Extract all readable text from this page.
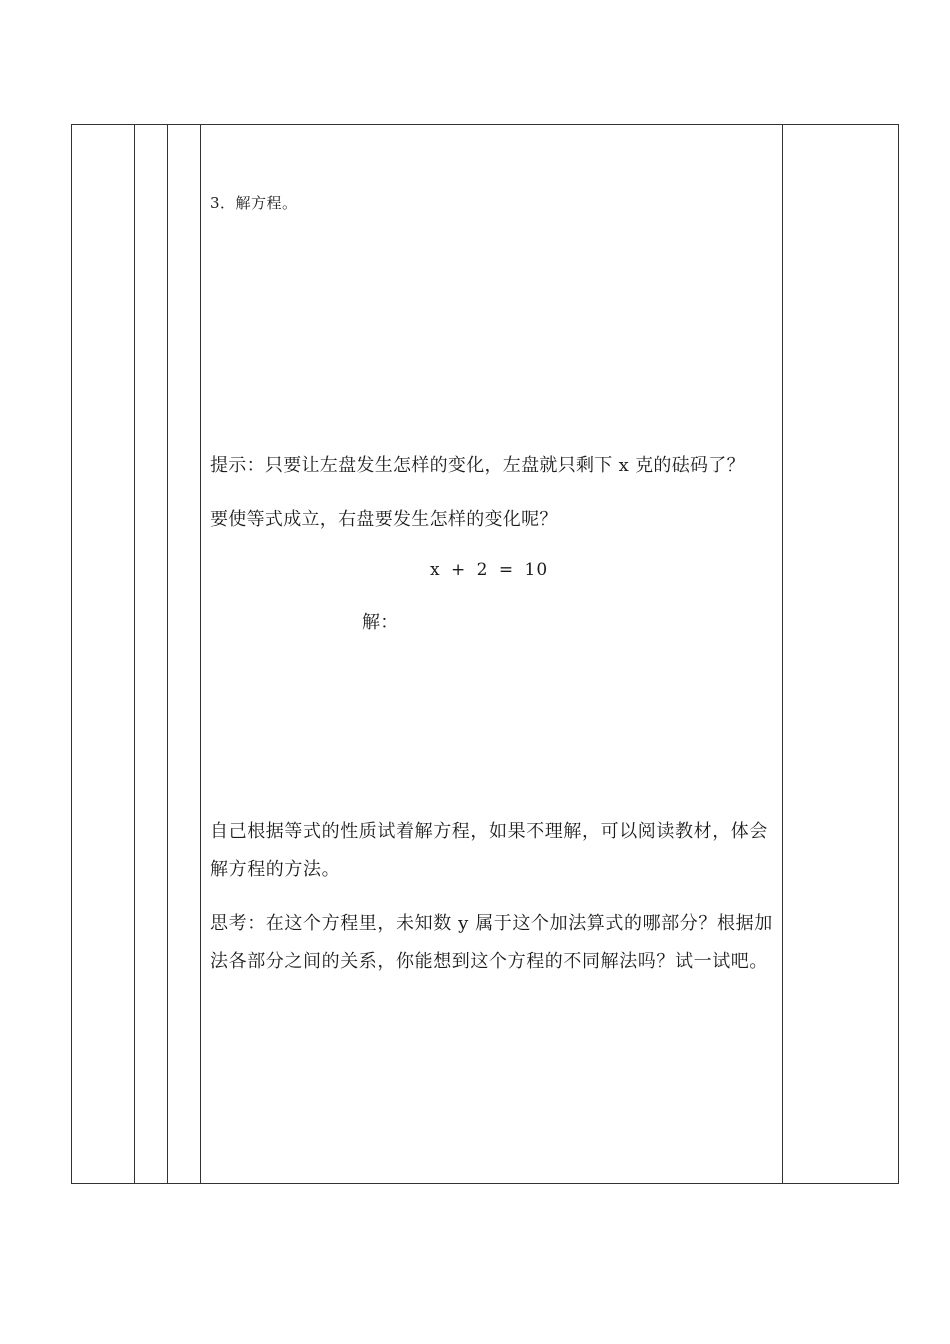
3．解方程。
提示：只要让左盘发生怎样的变化，左盘就只剩下 x 克的砝码了？
要使等式成立，右盘要发生怎样的变化呢？
x + 2 = 10
解：
自己根据等式的性质试着解方程，如果不理解，可以阅读教材，体会解方程的方法。
思考：在这个方程里，未知数 y 属于这个加法算式的哪部分？根据加法各部分之间的关系，你能想到这个方程的不同解法吗？试一试吧。
